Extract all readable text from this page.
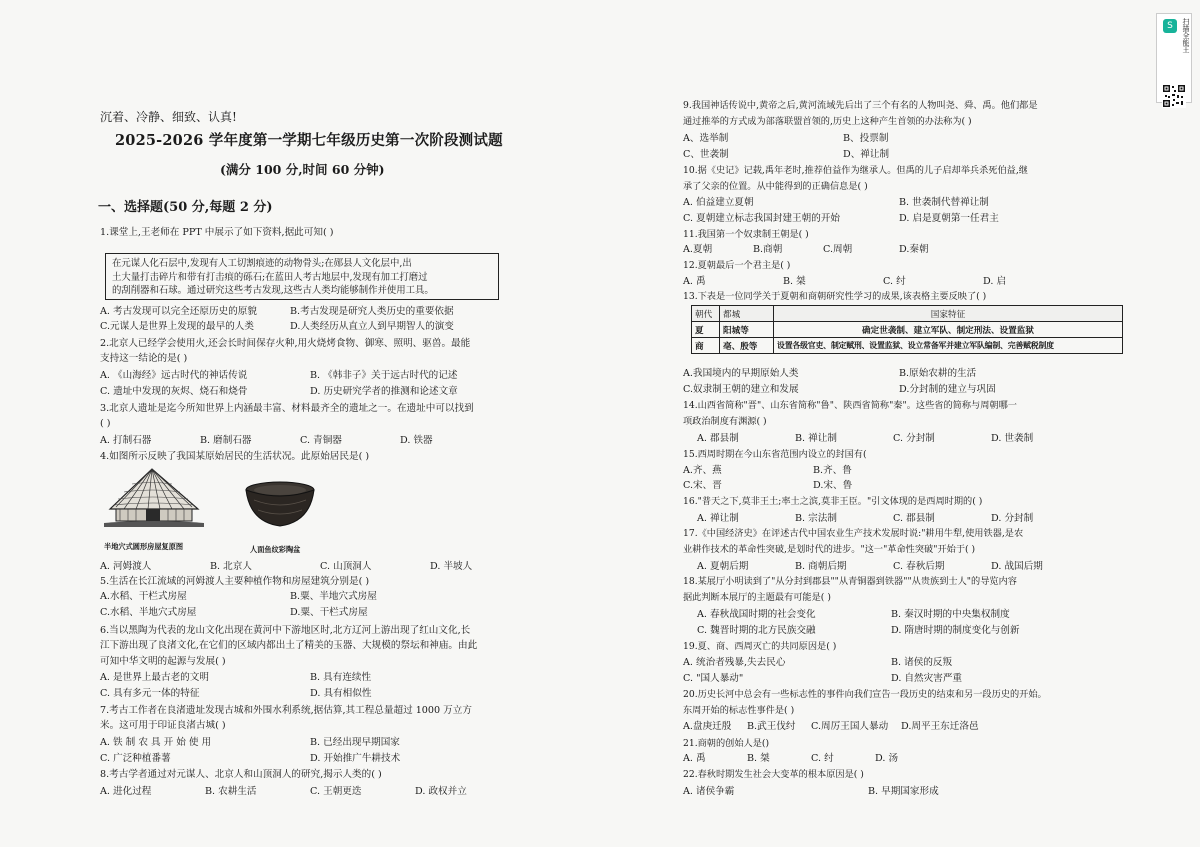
沉着、冷静、细致、认真!
2025-2026 学年度第一学期七年级历史第一次阶段测试题
(满分 100 分,时间 60 分钟)
一、选择题(50 分,每题 2 分)
1.课堂上,王老师在 PPT 中展示了如下资料,据此可知( )
在元谋人化石层中,发现有人工切割痕迹的动物骨头;在郧县人文化层中,出
土大量打击碎片和带有打击痕的砾石;在蓝田人考古地层中,发现有加工打磨过
的刮削器和石球。通过研究这些考古发现,这些古人类均能够制作并使用工具。
A. 考古发现可以完全还原历史的原貌	B.考古发现是研究人类历史的重要依据
C.元谋人是世界上发现的最早的人类	D.人类经历从直立人到早期智人的演变
2.北京人已经学会使用火,还会长时间保存火种,用火烧烤食物、御寒、照明、驱兽。最能
支持这一结论的是( )
A. 《山海经》远古时代的神话传说	B. 《韩非子》关于远古时代的记述
C. 遗址中发现的灰烬、烧石和烧骨	D. 历史研究学者的推测和论述文章
3.北京人遗址是迄今所知世界上内涵最丰富、材料最齐全的遗址之一。在遗址中可以找到
( )
A. 打制石器	B. 磨制石器	C. 青铜器	D. 铁器
4.如图所示反映了我国某原始居民的生活状况。此原始居民是( )
半地穴式圆形房屋复原图	人面鱼纹彩陶盆
A. 河姆渡人	B. 北京人	C. 山顶洞人	D. 半坡人
5.生活在长江流域的河姆渡人主要种植作物和房屋建筑分别是( )
A.水稻、干栏式房屋	B.粟、半地穴式房屋
C.水稻、半地穴式房屋	D.粟、干栏式房屋
6.当以黑陶为代表的龙山文化出现在黄河中下游地区时,北方辽河上游出现了红山文化,长
江下游出现了良渚文化,在它们的区域内都出土了精美的玉器、大规模的祭坛和神庙。由此
可知中华文明的起源与发展( )
A. 是世界上最古老的文明	B. 具有连续性
C. 具有多元一体的特征	D. 具有相似性
7.考古工作者在良渚遗址发现古城和外围水利系统,据估算,其工程总量超过 1000 万立方
米。这可用于印证良渚古城( )
A. 铁 制 农 具 开 始 使 用	B. 已经出现早期国家
C. 广泛种植番薯	D. 开始推广牛耕技术
8.考古学者通过对元谋人、北京人和山顶洞人的研究,揭示人类的( )
A. 进化过程	B. 农耕生活	C. 王朝更迭	D. 政权并立
9.我国神话传说中,黄帝之后,黄河流域先后出了三个有名的人物叫尧、舜、禹。他们都是
通过推举的方式成为部落联盟首领的,历史上这种产生首领的办法称为( )
A、选举制	B、投票制
C、世袭制	D、禅让制
10.据《史记》记载,禹年老时,推荐伯益作为继承人。但禹的儿子启却举兵杀死伯益,继
承了父亲的位置。从中能得到的正确信息是( )
A. 伯益建立夏朝	B. 世袭制代替禅让制
C. 夏朝建立标志我国封建王朝的开始	D. 启是夏朝第一任君主
11.我国第一个奴隶制王朝是( )
A.夏朝	B.商朝	C.周朝	D.秦朝
12.夏朝最后一个君主是( )
A. 禹	B. 桀	C. 纣	D. 启
13.下表是一位同学关于夏朝和商朝研究性学习的成果,该表格主要反映了( )
朝代	都城	国家特征
夏	阳城等	确定世袭制、建立军队、制定刑法、设置监狱
商	亳、殷等	设置各级官吏、制定赋刑、设置监狱、设立常备军并建立军队编制、完善赋税制度
A.我国境内的早期原始人类	B.原始农耕的生活
C.奴隶制王朝的建立和发展	D.分封制的建立与巩固
14.山西省简称"晋"、山东省简称"鲁"、陕西省简称"秦"。这些省的简称与周朝哪一
项政治制度有渊源( )
A. 郡县制	B. 禅让制	C. 分封制	D. 世袭制
15.西周时期在今山东省范围内设立的封国有(
A.齐、燕	B.齐、鲁
C.宋、晋	D.宋、鲁
16."普天之下,莫非王土;率土之滨,莫非王臣。"引文体现的是西周时期的( )
A. 禅让制	B. 宗法制	C. 郡县制	D. 分封制
17.《中国经济史》在评述古代中国农业生产技术发展时说:"耕用牛犁,使用铁器,是农
业耕作技术的革命性突破,是划时代的进步。"这一"革命性突破"开始于( )
A. 夏朝后期	B. 商朝后期	C. 春秋后期	D. 战国后期
18.某展厅小明读到了"从分封到郡县""从青铜器到铁器""从贵族到士人"的导览内容
据此判断本展厅的主题最有可能是( )
A. 春秋战国时期的社会变化	B. 秦汉时期的中央集权制度
C. 魏晋时期的北方民族交融	D. 隋唐时期的制度变化与创新
19.夏、商、西周灭亡的共同原因是( )
A. 统治者残暴,失去民心	B. 诸侯的反叛
C. "国人暴动"	D. 自然灾害严重
20.历史长河中总会有一些标志性的事件向我们宣告一段历史的结束和另一段历史的开始。
东周开始的标志性事件是( )
A.盘庚迁殷	B.武王伐纣	C.周厉王国人暴动	D.周平王东迁洛邑
21.商朝的创始人是()
A. 禹	B. 桀	C. 纣	D. 汤
22.春秋时期发生社会大变革的根本原因是( )
A. 诸侯争霸	B. 早期国家形成
S	扫描全能王
